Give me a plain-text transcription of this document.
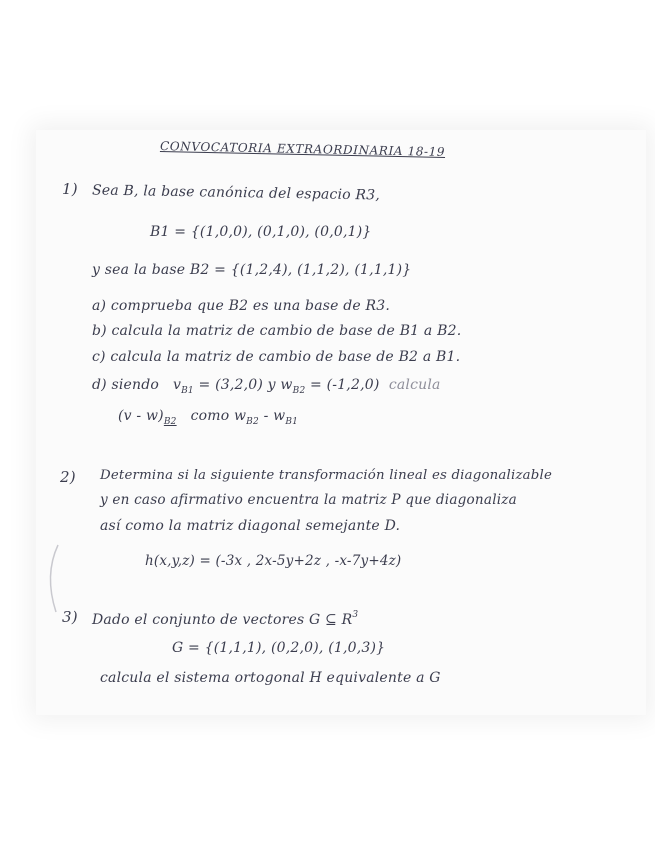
CONVOCATORIA EXTRAORDINARIA 18-19
1) Sea B, la base canónica del espacio R3,
B1 = {(1,0,0), (0,1,0), (0,0,1)}
y sea la base B2 = {(1,2,4), (1,1,2), (1,1,1)}
a) comprueba que B2 es una base de R3.
b) calcula la matriz de cambio de base de B1 a B2.
c) calcula la matriz de cambio de base de B2 a B1.
d) siendo $v_{B1} = (3,2,0)$ y $w_{B2} = (-1,2,0)$ calcula
$(v - w)_{B2}$ como $w_{B2} - w_{B1}$
2) Determina si la siguiente transformación lineal es diagonalizable
y en caso afirmativo encuentra la matriz P que diagonaliza
así como la matriz diagonal semejante D.
h(x,y,z) = (-3x , 2x-5y+2z , -x-7y+4z)
3) Dado el conjunto de vectores G ⊆ $R^3$
G = {(1,1,1), (0,2,0), (1,0,3)}
calcula el sistema ortogonal H equivalente a G
